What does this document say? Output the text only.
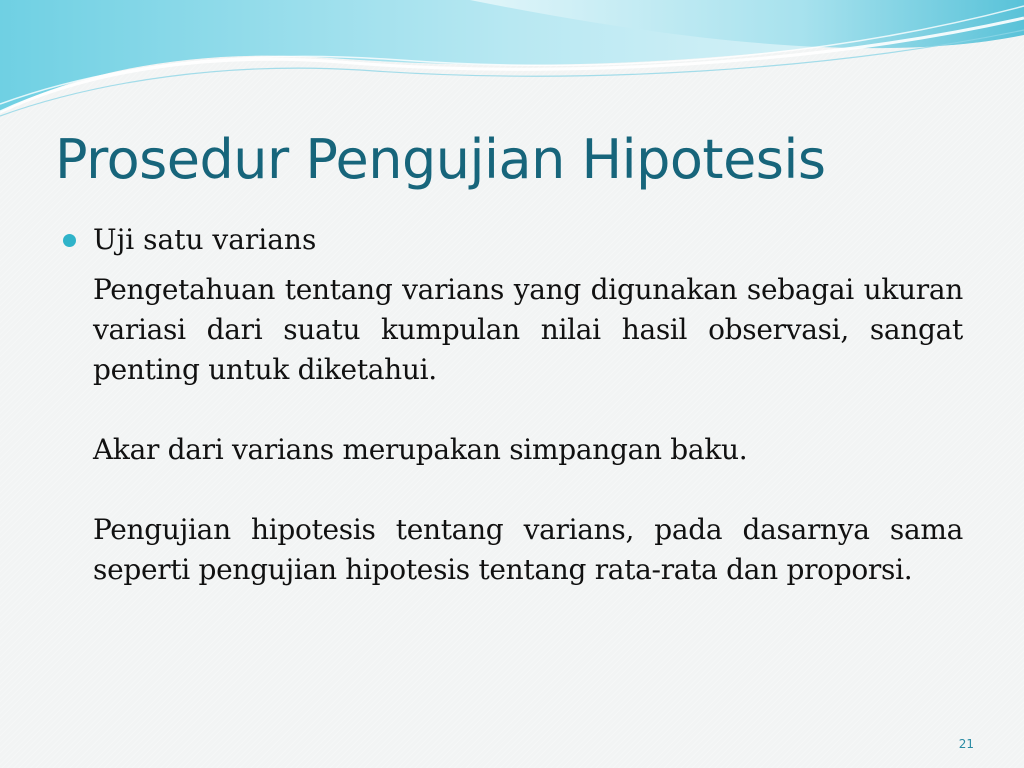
Prosedur Pengujian Hipotesis

Uji satu varians

Pengetahuan tentang varians yang digunakan sebagai ukuran variasi dari suatu kumpulan nilai hasil observasi, sangat penting untuk diketahui.

Akar dari varians merupakan simpangan baku.

Pengujian hipotesis tentang varians, pada dasarnya sama seperti pengujian hipotesis tentang rata-rata dan proporsi.

21
